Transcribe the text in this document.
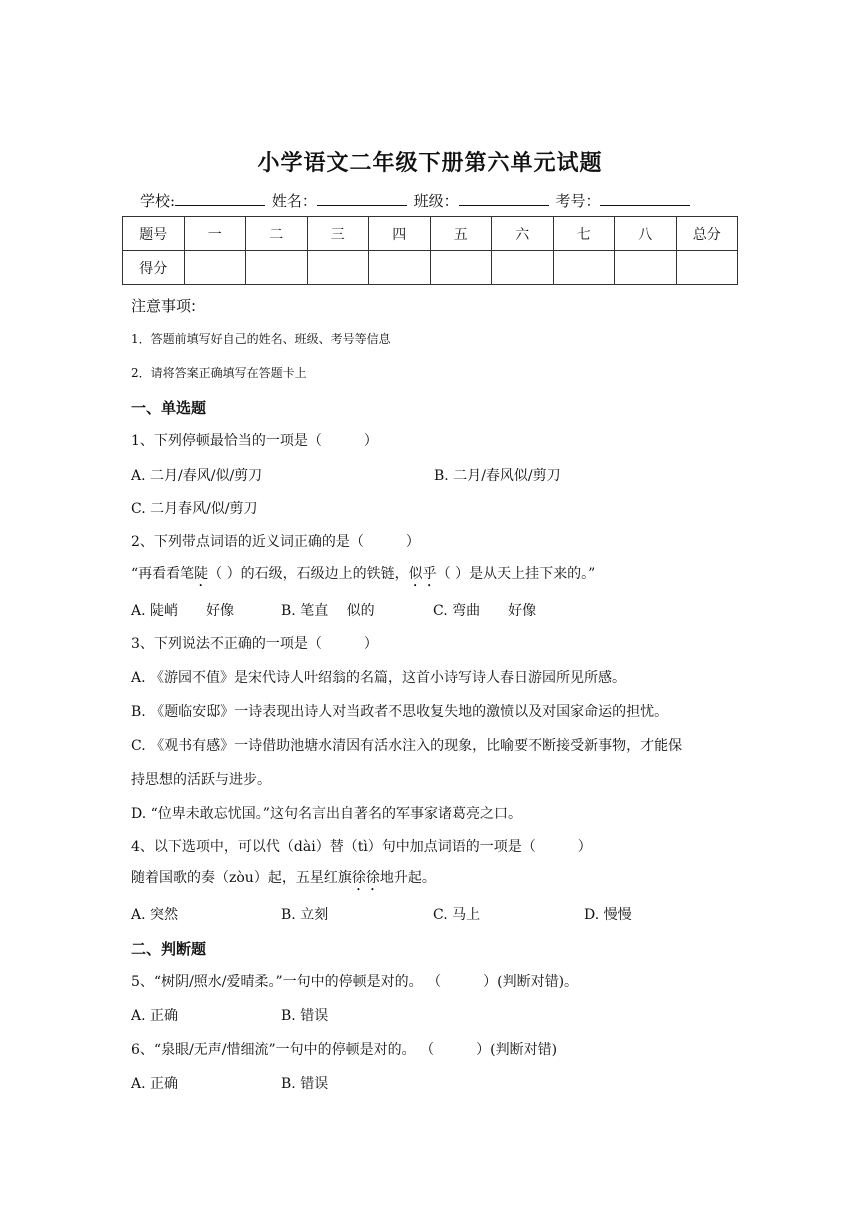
小学语文二年级下册第六单元试题
学校:	姓名：	班级：	考号：
题号	一	二	三	四	五	六	七	八	总分
得分									
注意事项:
1．答题前填写好自己的姓名、班级、考号等信息
2．请将答案正确填写在答题卡上
一、单选题
1、下列停顿最恰当的一项是（　　　）
A. 二月/春风/似/剪刀	B. 二月/春风似/剪刀
C. 二月春风/似/剪刀
2、下列带点词语的近义词正确的是（　　　）
“再看看笔陡（ ）的石级，石级边上的铁链，似乎（ ）是从天上挂下来的。”
A. 陡峭　　好像	B. 笔直　 似的	C. 弯曲　　好像
3、下列说法不正确的一项是（　　　）
A. 《游园不值》是宋代诗人叶绍翁的名篇，这首小诗写诗人春日游园所见所感。
B. 《题临安邸》一诗表现出诗人对当政者不思收复失地的激愤以及对国家命运的担忧。
C. 《观书有感》一诗借助池塘水清因有活水注入的现象，比喻要不断接受新事物，才能保
持思想的活跃与进步。
D. “位卑未敢忘忧国。”这句名言出自著名的军事家诸葛亮之口。
4、以下选项中，可以代（dài）替（tì）句中加点词语的一项是（　　　）
随着国歌的奏（zòu）起，五星红旗徐徐地升起。
A. 突然	B. 立刻	C. 马上	D. 慢慢
二、判断题
5、“树阴/照水/爱晴柔。”一句中的停顿是对的。 （　　　）(判断对错)。
A. 正确	B. 错误
6、“泉眼/无声/惜细流”一句中的停顿是对的。 （　　　）(判断对错)
A. 正确	B. 错误
